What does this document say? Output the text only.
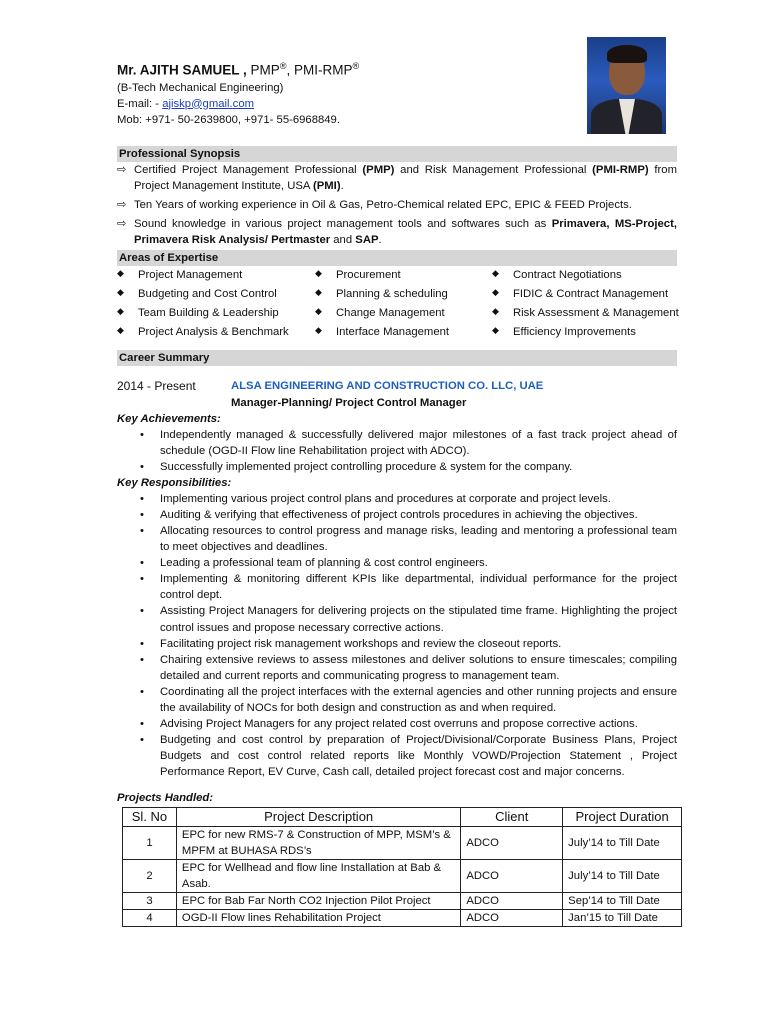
Mr. AJITH SAMUEL , PMP®, PMI-RMP®
(B-Tech Mechanical Engineering)
E-mail: - ajiskp@gmail.com
Mob: +971- 50-2639800, +971- 55-6968849.
Professional Synopsis
⇨ Certified Project Management Professional (PMP) and Risk Management Professional (PMI-RMP) from Project Management Institute, USA (PMI).
⇨ Ten Years of working experience in Oil & Gas, Petro-Chemical related EPC, EPIC & FEED Projects.
⇨ Sound knowledge in various project management tools and softwares such as Primavera, MS-Project, Primavera Risk Analysis/ Pertmaster and SAP.
Areas of Expertise
◆ Project Management	◆ Procurement	◆ Contract Negotiations
◆ Budgeting and Cost Control	◆ Planning & scheduling	◆ FIDIC & Contract Management
◆ Team Building & Leadership	◆ Change Management	◆ Risk Assessment & Management
◆ Project Analysis & Benchmark	◆ Interface Management	◆ Efficiency Improvements
Career Summary
2014 - Present	ALSA ENGINEERING AND CONSTRUCTION CO. LLC, UAE
Manager-Planning/ Project Control Manager
Key Achievements:
• Independently managed & successfully delivered major milestones of a fast track project ahead of schedule (OGD-II Flow line Rehabilitation project with ADCO).
• Successfully implemented project controlling procedure & system for the company.
Key Responsibilities:
• Implementing various project control plans and procedures at corporate and project levels.
• Auditing & verifying that effectiveness of project controls procedures in achieving the objectives.
• Allocating resources to control progress and manage risks, leading and mentoring a professional team to meet objectives and deadlines.
• Leading a professional team of planning & cost control engineers.
• Implementing & monitoring different KPIs like departmental, individual performance for the project control dept.
• Assisting Project Managers for delivering projects on the stipulated time frame. Highlighting the project control issues and propose necessary corrective actions.
• Facilitating project risk management workshops and review the closeout reports.
• Chairing extensive reviews to assess milestones and deliver solutions to ensure timescales; compiling detailed and current reports and communicating progress to management team.
• Coordinating all the project interfaces with the external agencies and other running projects and ensure the availability of NOCs for both design and construction as and when required.
• Advising Project Managers for any project related cost overruns and propose corrective actions.
• Budgeting and cost control by preparation of Project/Divisional/Corporate Business Plans, Project Budgets and cost control related reports like Monthly VOWD/Projection Statement , Project Performance Report, EV Curve, Cash call, detailed project forecast cost and major concerns.
Projects Handled:
Sl. No	Project Description	Client	Project Duration
1	EPC for new RMS-7 & Construction of MPP, MSM’s & MPFM at BUHASA RDS’s	ADCO	July’14 to Till Date
2	EPC for Wellhead and flow line Installation at Bab & Asab.	ADCO	July’14 to Till Date
3	EPC for Bab Far North CO2 Injection Pilot Project	ADCO	Sep’14 to Till Date
4	OGD-II Flow lines Rehabilitation Project	ADCO	Jan’15 to Till Date
